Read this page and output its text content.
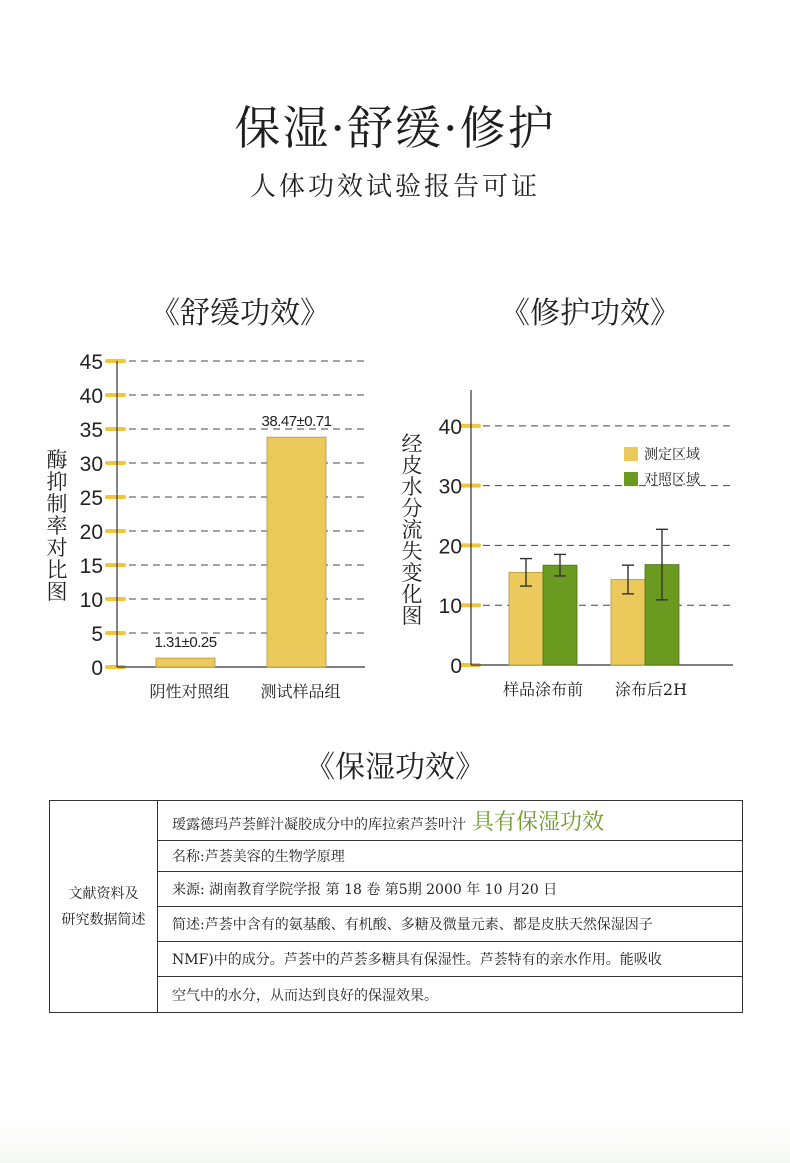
保湿·舒缓·修护
人体功效试验报告可证
《舒缓功效》	《修护功效》
0
5
10
15
20
25
30
35
40
45
1.31±0.25
阴性对照组
38.47±0.71
测试样品组
酶抑制率对比图
0
10
20
30
40
样品涂布前 涂布后2H
测定区域
对照区域
经皮水分流失变化图
《保湿功效》
文献资料及
研究数据简述
	瑷露德玛芦荟鲜汁凝胶成分中的库拉索芦荟叶汁 具有保湿功效
名称:芦荟美容的生物学原理
来源: 湖南教育学院学报 第 18 卷 第5期 2000 年 10 月20 日
简述:芦荟中含有的氨基酸、有机酸、多糖及微量元素、都是皮肤天然保湿因子
NMF)中的成分。芦荟中的芦荟多糖具有保湿性。芦荟特有的亲水作用。能吸收
空气中的水分，从而达到良好的保湿效果。
